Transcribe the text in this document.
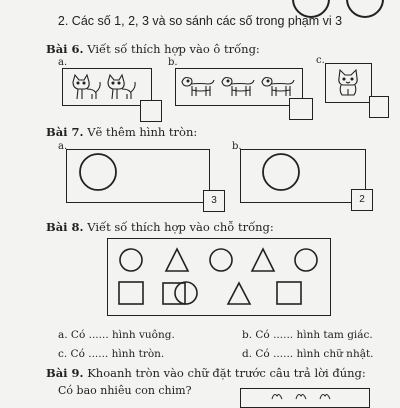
2. Các số 1, 2, 3 và so sánh các số trong phạm vi 3
Bài 6. Viết số thích hợp vào ô trống:
a.	b.	c.
Bài 7. Vẽ thêm hình tròn:
a.
3
b.
2
Bài 8. Viết số thích hợp vào chỗ trống:
a. Có ...... hình vuông.	b. Có ...... hình tam giác.
c. Có ...... hình tròn.	d. Có ...... hình chữ nhật.
Bài 9. Khoanh tròn vào chữ đặt trước câu trả lời đúng:
Có bao nhiêu con chim?
